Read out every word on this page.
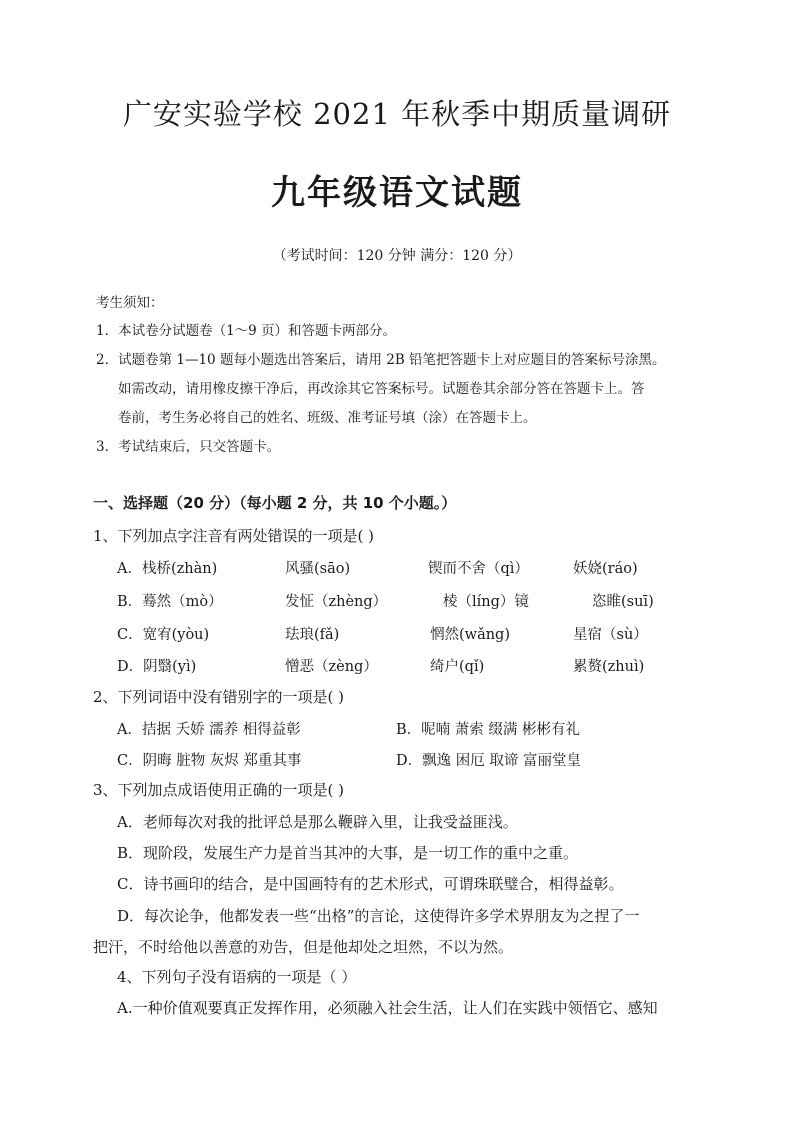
广安实验学校 2021 年秋季中期质量调研
九年级语文试题
（考试时间：120 分钟 满分：120 分）
考生须知：
1．本试卷分试题卷（1～9 页）和答题卡两部分。
2．试题卷第 1—10 题每小题选出答案后，请用 2B 铅笔把答题卡上对应题目的答案标号涂黑。
如需改动，请用橡皮擦干净后，再改涂其它答案标号。试题卷其余部分答在答题卡上。答
卷前，考生务必将自己的姓名、班级、准考证号填（涂）在答题卡上。
3．考试结束后，只交答题卡。
一、选择题（20 分）（每小题 2 分，共 10 个小题。）
1、下列加点字注音有两处错误的一项是( )
A．栈桥(zhàn)	风骚(sāo)	锲而不舍（qì）	妖娆(ráo)
B．蓦然（mò）	发怔（zhèng）	棱（líng）镜	恣睢(suī)
C．宽宥(yòu)	珐琅(fǎ)	惘然(wǎng)	星宿（sù）
D．阴翳(yì)	憎恶（zèng）	绮户(qǐ)	累赘(zhuì)
2、下列词语中没有错别字的一项是( )
A．拮据 夭娇 濡养 相得益彰	B．呢喃 萧索 缀满 彬彬有礼
C．阴晦 脏物 灰烬 郑重其事	D．飘逸 困厄 取谛 富丽堂皇
3、下列加点成语使用正确的一项是( )
A．老师每次对我的批评总是那么鞭辟入里，让我受益匪浅。
B．现阶段，发展生产力是首当其冲的大事，是一切工作的重中之重。
C．诗书画印的结合，是中国画特有的艺术形式，可谓珠联璧合，相得益彰。
D．每次论争，他都发表一些“出格”的言论，这使得许多学术界朋友为之捏了一
把汗，不时给他以善意的劝告，但是他却处之坦然，不以为然。
4、下列句子没有语病的一项是（ ）
A.一种价值观要真正发挥作用，必须融入社会生活，让人们在实践中领悟它、感知
